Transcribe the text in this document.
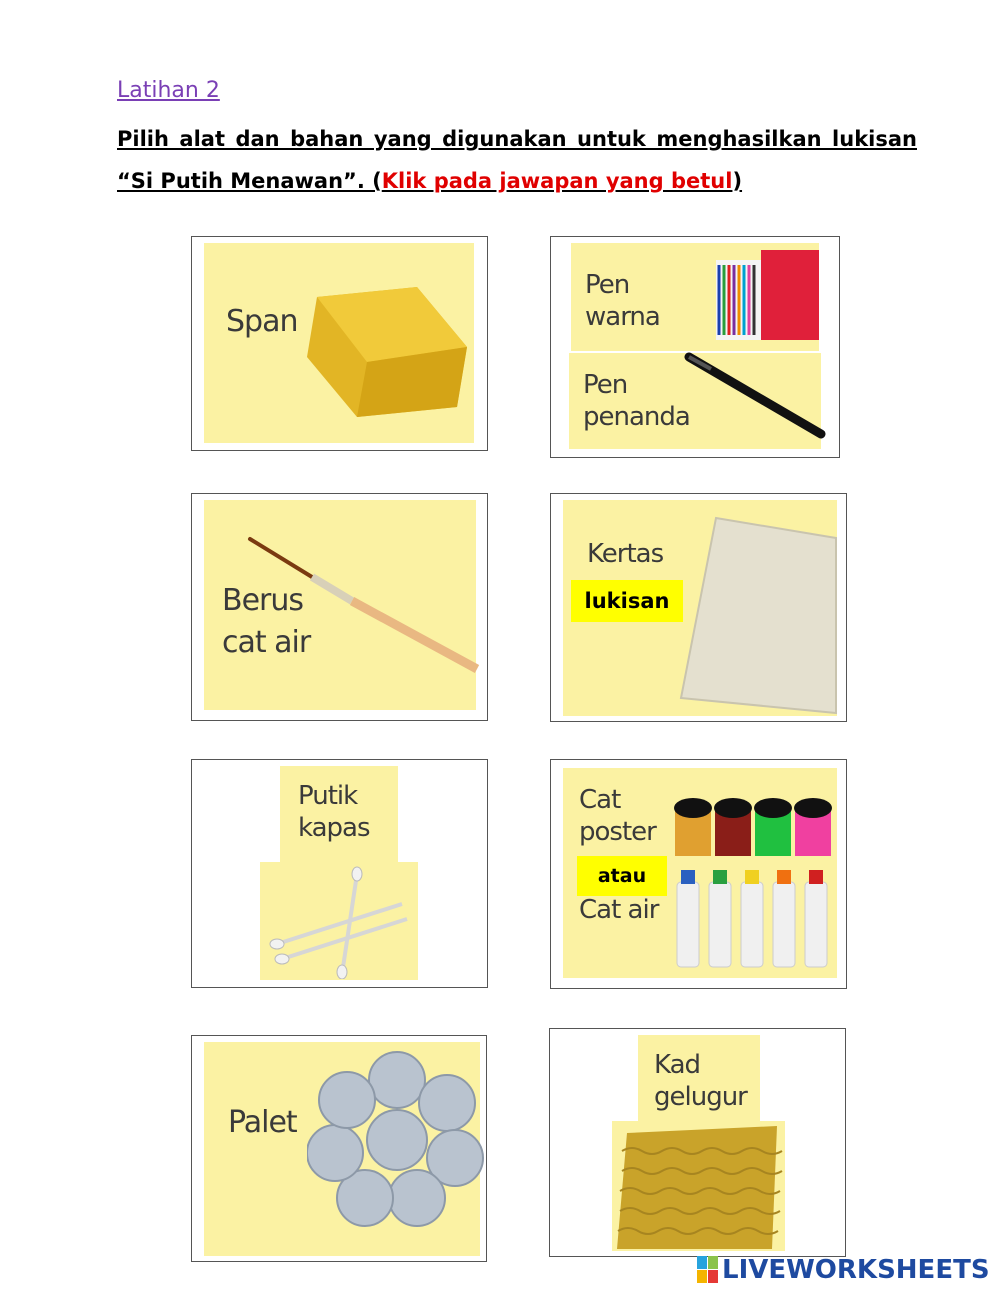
Latihan 2
Pilih alat dan bahan yang digunakan untuk menghasilkan lukisan “Si Putih Menawan”. (Klik pada jawapan yang betul)
Span
Pen
warna
Pen
penanda
Berus
cat air
Kertas
lukisan
Putik
kapas
Cat
poster
atau
Cat air
Palet
Kad
gelugur
LIVEWORKSHEETS
